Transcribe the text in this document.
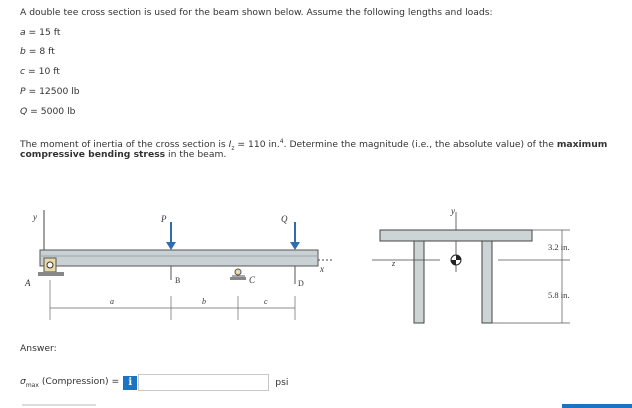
A double tee cross section is used for the beam shown below. Assume the following lengths and loads:
a = 15 ft
b = 8 ft
c = 10 ft
P = 12500 lb
Q = 5000 lb
The moment of inertia of the cross section is $I_z = 110$ in.$^4$. Determine the magnitude (i.e., the absolute value) of the maximum
compressive bending stress in the beam.
y
A	B	C	D
x
P	Q
a	b	c
y
z
3.2 in.
5.8 in.
Answer:
$\sigma_{max}$ (Compression) = i	psi
